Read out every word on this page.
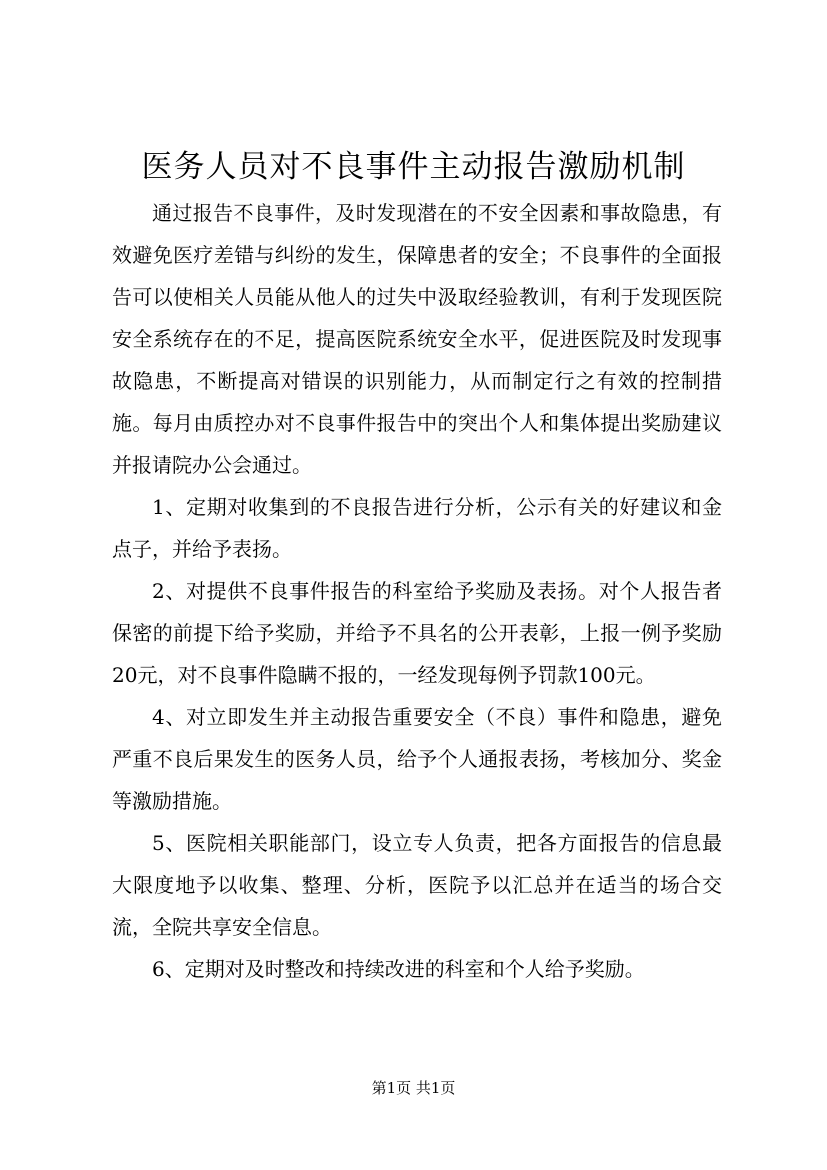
医务人员对不良事件主动报告激励机制

通过报告不良事件，及时发现潜在的不安全因素和事故隐患，有效避免医疗差错与纠纷的发生，保障患者的安全；不良事件的全面报告可以使相关人员能从他人的过失中汲取经验教训，有利于发现医院安全系统存在的不足，提高医院系统安全水平，促进医院及时发现事故隐患，不断提高对错误的识别能力，从而制定行之有效的控制措施。每月由质控办对不良事件报告中的突出个人和集体提出奖励建议并报请院办公会通过。

1、定期对收集到的不良报告进行分析，公示有关的好建议和金点子，并给予表扬。

2、对提供不良事件报告的科室给予奖励及表扬。对个人报告者保密的前提下给予奖励，并给予不具名的公开表彰，上报一例予奖励20元，对不良事件隐瞒不报的，一经发现每例予罚款100元。

4、对立即发生并主动报告重要安全（不良）事件和隐患，避免严重不良后果发生的医务人员，给予个人通报表扬，考核加分、奖金等激励措施。

5、医院相关职能部门，设立专人负责，把各方面报告的信息最大限度地予以收集、整理、分析，医院予以汇总并在适当的场合交流，全院共享安全信息。

6、定期对及时整改和持续改进的科室和个人给予奖励。

第1页 共1页
